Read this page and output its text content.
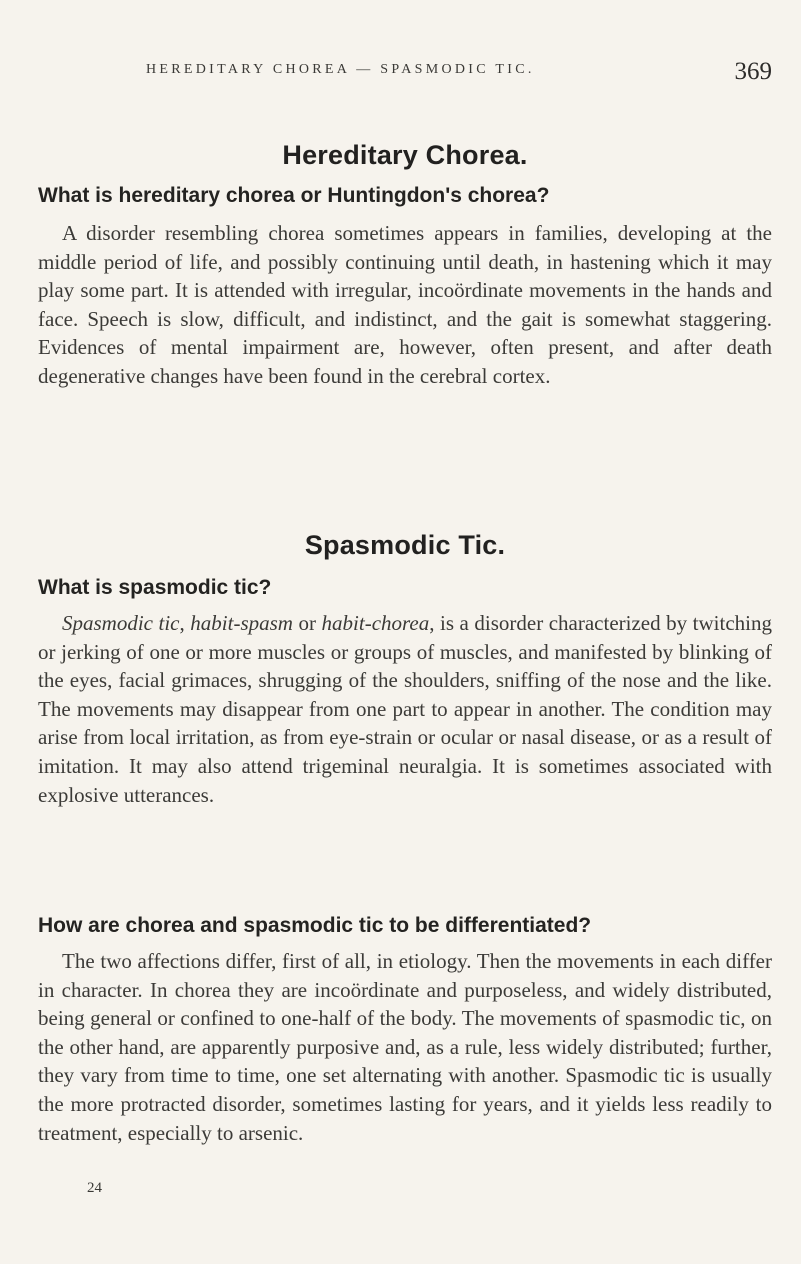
HEREDITARY CHOREA — SPASMODIC TIC.	369
Hereditary Chorea.
What is hereditary chorea or Huntingdon's chorea?

A disorder resembling chorea sometimes appears in families, developing at the middle period of life, and possibly continuing until death, in hastening which it may play some part. It is attended with irregular, incoördinate movements in the hands and face. Speech is slow, difficult, and indistinct, and the gait is somewhat staggering. Evidences of mental impairment are, however, often present, and after death degenerative changes have been found in the cerebral cortex.

Spasmodic Tic.
What is spasmodic tic?

Spasmodic tic, habit-spasm or habit-chorea, is a disorder characterized by twitching or jerking of one or more muscles or groups of muscles, and manifested by blinking of the eyes, facial grimaces, shrugging of the shoulders, sniffing of the nose and the like. The movements may disappear from one part to appear in another. The condition may arise from local irritation, as from eye-strain or ocular or nasal disease, or as a result of imitation. It may also attend trigeminal neuralgia. It is sometimes associated with explosive utterances.

How are chorea and spasmodic tic to be differentiated?

The two affections differ, first of all, in etiology. Then the movements in each differ in character. In chorea they are incoördinate and purposeless, and widely distributed, being general or confined to one-half of the body. The movements of spasmodic tic, on the other hand, are apparently purposive and, as a rule, less widely distributed; further, they vary from time to time, one set alternating with another. Spasmodic tic is usually the more protracted disorder, sometimes lasting for years, and it yields less readily to treatment, especially to arsenic.

24
